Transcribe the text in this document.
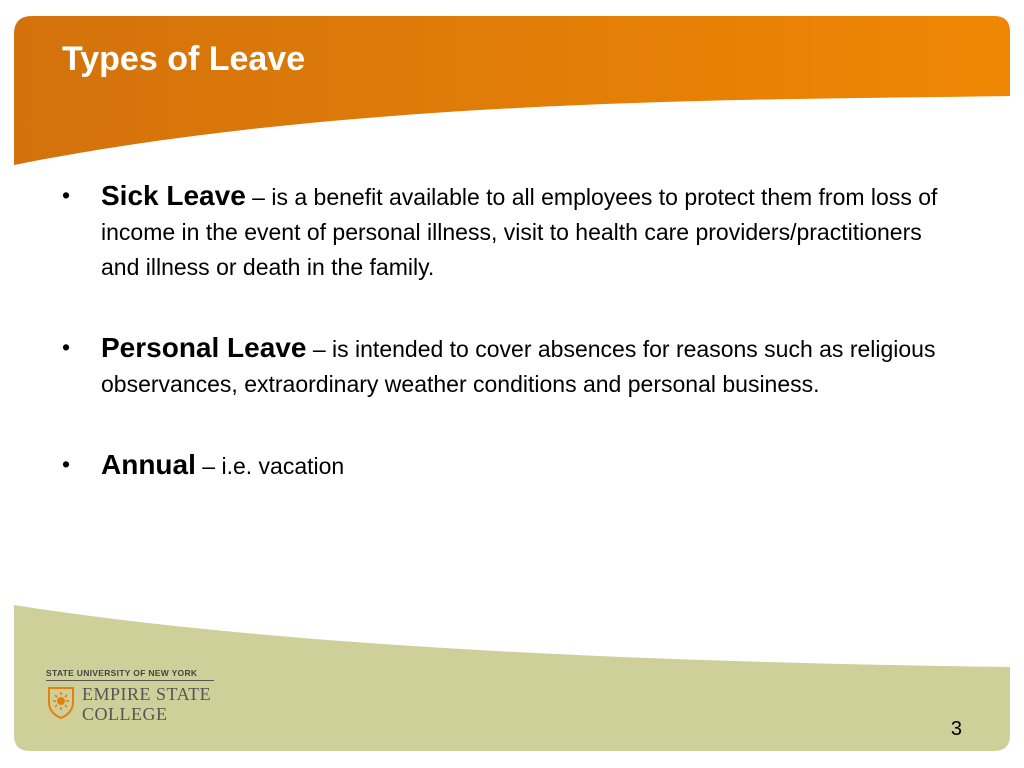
Types of Leave
• Sick Leave – is a benefit available to all employees to protect them from loss of income in the event of personal illness, visit to health care providers/practitioners and illness or death in the family.
• Personal Leave – is intended to cover absences for reasons such as religious observances, extraordinary weather conditions and personal business.
• Annual – i.e. vacation
STATE UNIVERSITY OF NEW YORK
EMPIRE STATE
COLLEGE
3
